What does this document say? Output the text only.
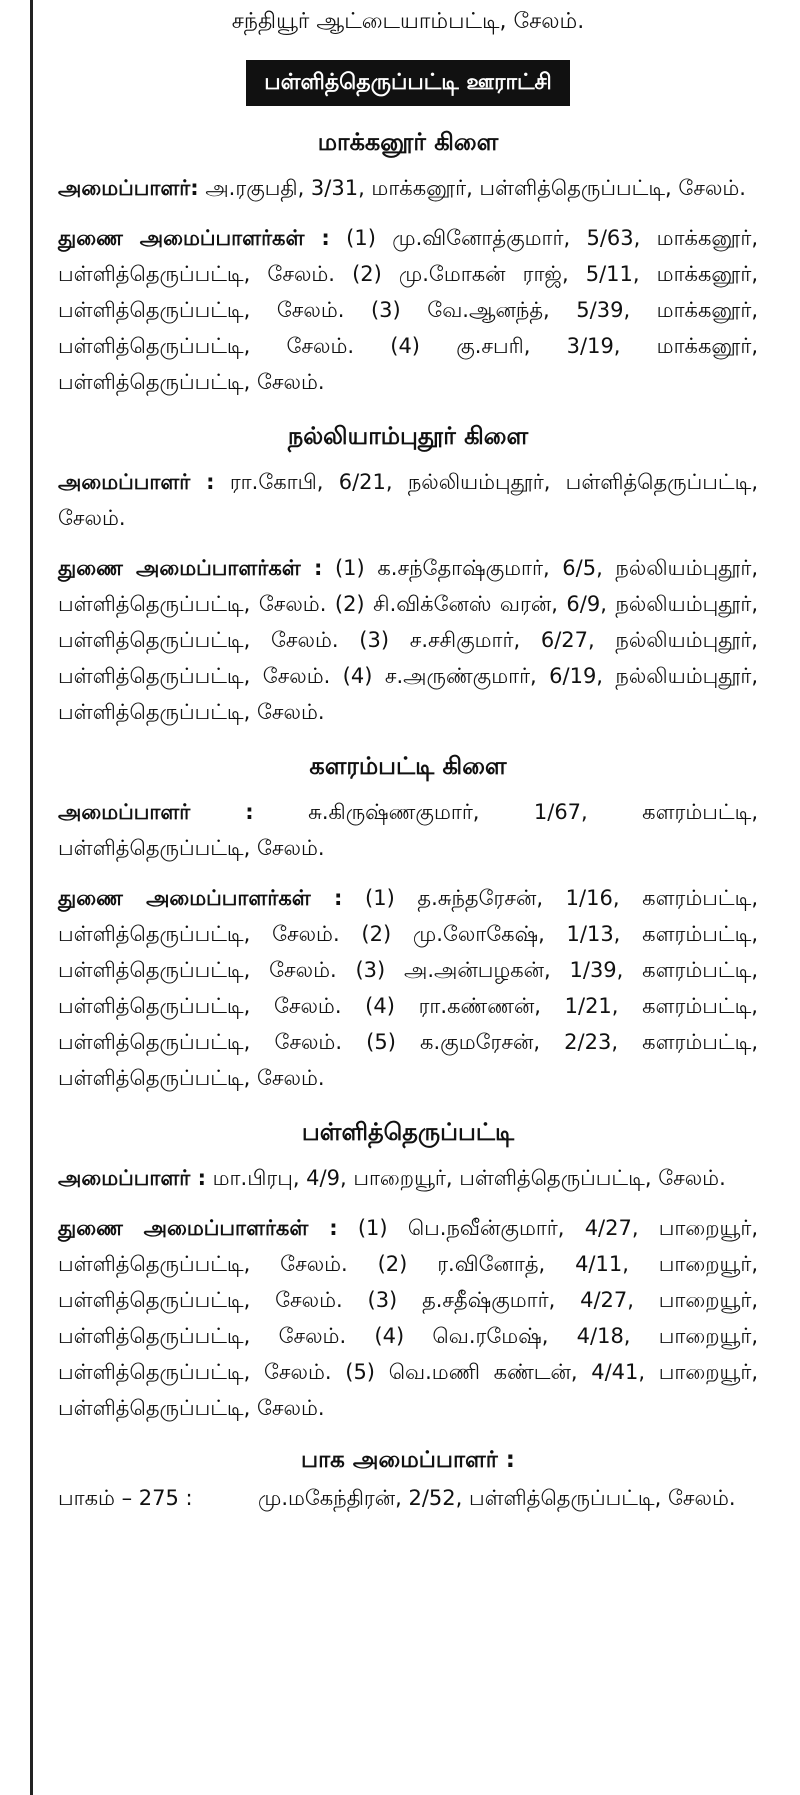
சந்தியூர் ஆட்டையாம்பட்டி, சேலம்.
பள்ளித்தெருப்பட்டி ஊராட்சி
மாக்கனூர் கிளை

அமைப்பாளர்: அ.ரகுபதி, 3/31, மாக்கனூர், பள்ளித்தெருப்பட்டி, சேலம்.

துணை அமைப்பாளர்கள் : (1) மு.வினோத்குமார், 5/63, மாக்கனூர், பள்ளித்தெருப்பட்டி, சேலம். (2) மு.மோகன் ராஜ், 5/11, மாக்கனூர், பள்ளித்தெருப்பட்டி, சேலம். (3) வே.ஆனந்த், 5/39, மாக்கனூர், பள்ளித்தெருப்பட்டி, சேலம். (4) கு.சபரி, 3/19, மாக்கனூர், பள்ளித்தெருப்பட்டி, சேலம்.

நல்லியாம்புதூர் கிளை

அமைப்பாளர் : ரா.கோபி, 6/21, நல்லியம்புதூர், பள்ளித்தெருப்பட்டி, சேலம்.

துணை அமைப்பாளர்கள் : (1) க.சந்தோஷ்குமார், 6/5, நல்லியம்புதூர், பள்ளித்தெருப்பட்டி, சேலம். (2) சி.விக்னேஸ் வரன், 6/9, நல்லியம்புதூர், பள்ளித்தெருப்பட்டி, சேலம். (3) ச.சசிகுமார், 6/27, நல்லியம்புதூர், பள்ளித்தெருப்பட்டி, சேலம். (4) ச.அருண்குமார், 6/19, நல்லியம்புதூர், பள்ளித்தெருப்பட்டி, சேலம்.

களரம்பட்டி கிளை

அமைப்பாளர் : சு.கிருஷ்ணகுமார், 1/67, களரம்பட்டி, பள்ளித்தெருப்பட்டி, சேலம்.

துணை அமைப்பாளர்கள் : (1) த.சுந்தரேசன், 1/16, களரம்பட்டி, பள்ளித்தெருப்பட்டி, சேலம். (2) மு.லோகேஷ், 1/13, களரம்பட்டி, பள்ளித்தெருப்பட்டி, சேலம். (3) அ.அன்பழகன், 1/39, களரம்பட்டி, பள்ளித்தெருப்பட்டி, சேலம். (4) ரா.கண்ணன், 1/21, களரம்பட்டி, பள்ளித்தெருப்பட்டி, சேலம். (5) க.குமரேசன், 2/23, களரம்பட்டி, பள்ளித்தெருப்பட்டி, சேலம்.

பள்ளித்தெருப்பட்டி

அமைப்பாளர் : மா.பிரபு, 4/9, பாறையூர், பள்ளித்தெருப்பட்டி, சேலம்.

துணை அமைப்பாளர்கள் : (1) பெ.நவீன்குமார், 4/27, பாறையூர், பள்ளித்தெருப்பட்டி, சேலம். (2) ர.வினோத், 4/11, பாறையூர், பள்ளித்தெருப்பட்டி, சேலம். (3) த.சதீஷ்குமார், 4/27, பாறையூர், பள்ளித்தெருப்பட்டி, சேலம். (4) வெ.ரமேஷ், 4/18, பாறையூர், பள்ளித்தெருப்பட்டி, சேலம். (5) வெ.மணி கண்டன், 4/41, பாறையூர், பள்ளித்தெருப்பட்டி, சேலம்.

பாக அமைப்பாளர் :
பாகம் – 275 :	மு.மகேந்திரன், 2/52, பள்ளித்தெருப்பட்டி, சேலம்.
